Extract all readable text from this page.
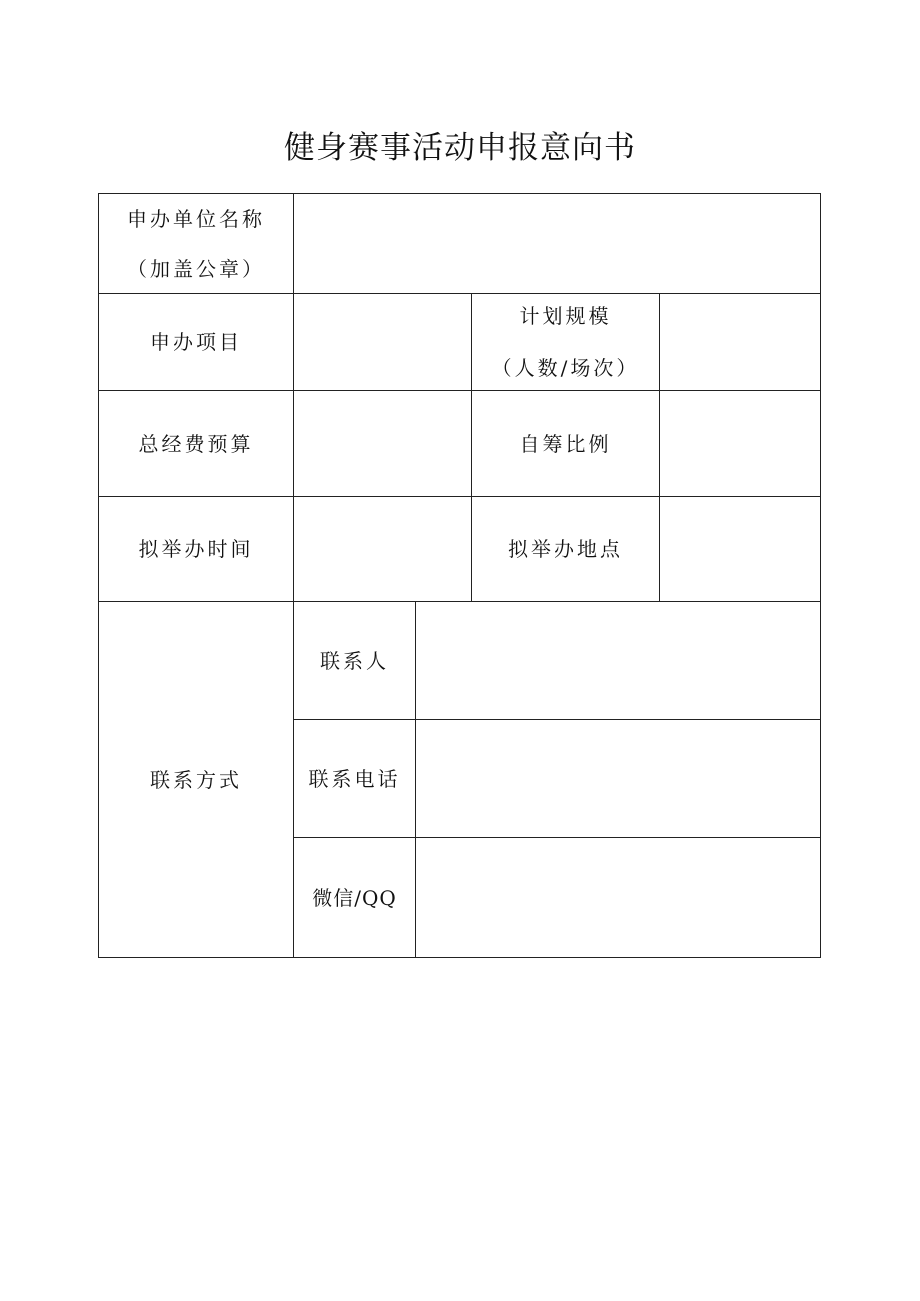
健身赛事活动申报意向书
申办单位名称
（加盖公章）
申办项目
计划规模
（人数/场次）
总经费预算	自筹比例
拟举办时间	拟举办地点
联系方式
联系人
联系电话
微信/QQ
